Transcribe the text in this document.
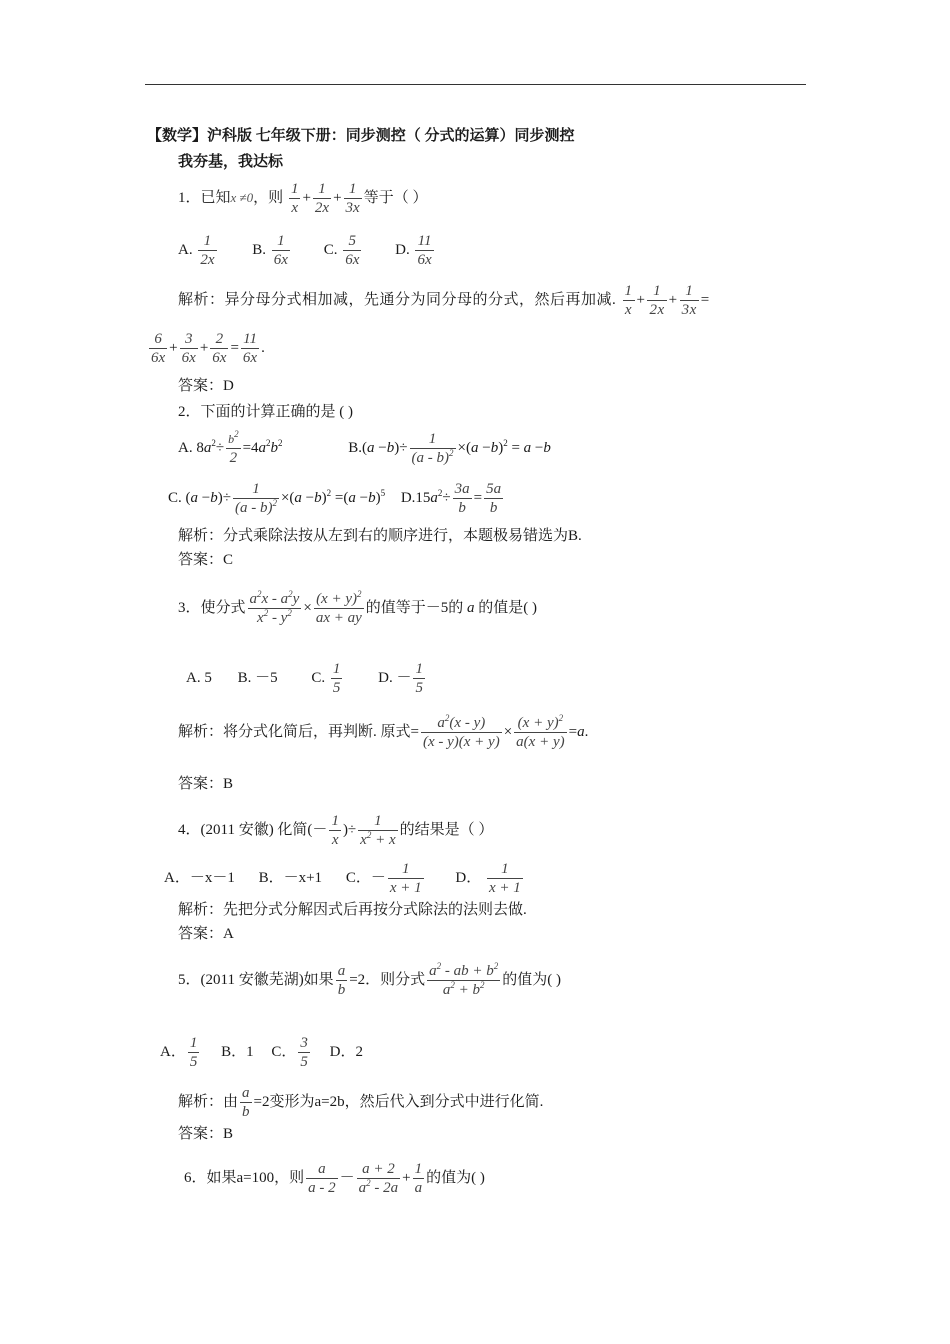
【数学】沪科版 七年级下册：同步测控（ 分式的运算）同步测控
我夯基，我达标
1．已知x ≠0，则 $\frac{1}{x} + \frac{1}{2x} + \frac{1}{3x}$ 等于（ ）
A. $\frac{1}{2x} B$. $\frac{1}{6x} C$. $\frac{5}{6x} D$. $\frac{11}{6x}$
解析：异分母分式相加减，先通分为同分母的分式，然后再加减. $\frac{1}{x} + \frac{1}{2x} + \frac{1}{3x}$ =
$\frac{6}{6x} + \frac{3}{6x} + \frac{2}{6x} = \frac{11}{6x}$ .
答案：D
2．下面的计算正确的是 ( )
A. $8a^2\div \frac{b^2}{2} =4a^2b^2$	$B.(a -b)\div \frac{1}{(a - b)^2} \times(a -b)^2 = a -b$
C. $(a -b)\div \frac{1}{(a - b)^2} \times(a -b)^2 =(a -b)^5$ $D.15a^2\div \frac{3a}{b} = \frac{5a}{b}$
解析：分式乘除法按从左到右的顺序进行，本题极易错选为B.
答案：C
3．使分式 $\frac{a^2x - a^2y}{x^2 - y^2} \times \frac{(x + y)^2}{ax + ay}$ 的值等于－5的 a 的值是( )
A. 5 B. －5 C. $\frac{1}{5} D$. － $\frac{1}{5}$
解析：将分式化简后，再判断. 原式= $\frac{a^2(x - y)}{(x - y)(x + y)} \times \frac{(x + y)^2}{a(x + y)} =a$.
答案：B
4．(2011 安徽) 化简(－ $\frac{1}{x}$ )÷ $\frac{1}{x^2 + x}$ 的结果是（ ）
A．－x－1 B．－x+1 C．－ $\frac{1}{x + 1}$ D． $\frac{1}{x + 1}$
解析：先把分式分解因式后再按分式除法的法则去做.
答案：A
5．(2011 安徽芜湖)如果 $\frac{a}{b} =2$．则分式 $\frac{a^2 - ab + b^2}{a^2 + b^2}$ 的值为( )
A． $\frac{1}{5}$ B．1 C． $\frac{3}{5}$ D．2
解析：由 $\frac{a}{b} =2$变形为a=2b，然后代入到分式中进行化简.
答案：B
6．如果a=100，则 $\frac{a}{a - 2} - \frac{a + 2}{a^2 - 2a} + \frac{1}{a}$ 的值为( )
